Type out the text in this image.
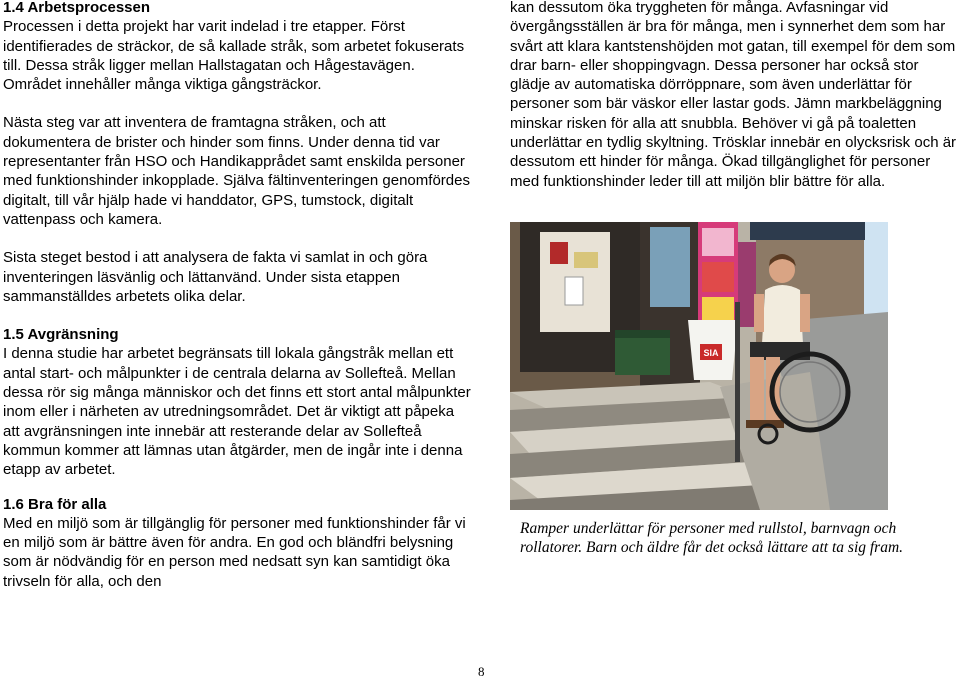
1.4 Arbetsprocessen

Processen i detta projekt har varit indelad i tre etapper. Först identifierades de sträckor, de så kallade stråk, som arbetet fokuserats till. Dessa stråk ligger mellan Hallstagatan och Hågestavägen. Området innehåller många viktiga gångsträckor.

Nästa steg var att inventera de framtagna stråken, och att dokumentera de brister och hinder som finns. Under denna tid var representanter från HSO och Handikapprådet samt enskilda personer med funktionshinder inkopplade. Själva fältinventeringen genomfördes digitalt, till vår hjälp hade vi handdator, GPS, tumstock, digitalt vattenpass och kamera.

Sista steget bestod i att analysera de fakta vi samlat in och göra inventeringen läsvänlig och lättanvänd. Under sista etappen sammanställdes arbetets olika delar.

1.5 Avgränsning

I denna studie har arbetet begränsats till lokala gångstråk mellan ett antal start- och målpunkter i de centrala delarna av Sollefteå. Mellan dessa rör sig många människor och det finns ett stort antal målpunkter inom eller i närheten av utredningsområdet. Det är viktigt att påpeka att avgränsningen inte innebär att resterande delar av Sollefteå kommun kommer att lämnas utan åtgärder, men de ingår inte i denna etapp av arbetet.

1.6 Bra för alla

Med en miljö som är tillgänglig för personer med funktionshinder får vi en miljö som är bättre även för andra. En god och bländfri belysning som är nödvändig för en person med nedsatt syn kan samtidigt öka trivseln för alla, och den

kan dessutom öka tryggheten för många. Avfasningar vid övergångsställen är bra för många, men i synnerhet dem som har svårt att klara kantstenshöjden mot gatan, till exempel för dem som drar barn- eller shoppingvagn. Dessa personer har också stor glädje av automatiska dörröppnare, som även underlättar för personer som bär väskor eller lastar gods. Jämn markbeläggning minskar risken för alla att snubbla. Behöver vi gå på toaletten underlättar en tydlig skyltning. Trösklar innebär en olycksrisk och är dessutom ett hinder för många. Ökad tillgänglighet för personer med funktionshinder leder till att miljön blir bättre för alla.

SIA
Ramper underlättar för personer med rullstol, barnvagn och rollatorer. Barn och äldre får det också lättare att ta sig fram.
8
